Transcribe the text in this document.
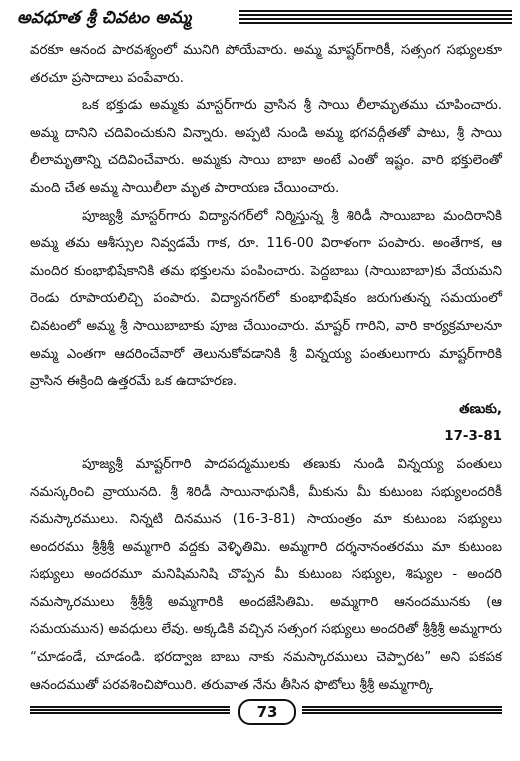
అవధూత శ్రీ చివటం అమ్మ

వరకూ ఆనంద పారవశ్యంలో మునిగి పోయేవారు. అమ్మ మాష్టర్‌గారికీ, సత్సంగ సభ్యులకూ తరచూ ప్రసాదాలు పంపేవారు.

ఒక భక్తుడు అమ్మకు మాస్టర్‌గారు వ్రాసిన శ్రీ సాయి లీలామృతము చూపించారు. అమ్మ దానిని చదివించుకుని విన్నారు. అప్పటి నుండి అమ్మ భగవద్గీతతో పాటు, శ్రీ సాయి లీలామృతాన్ని చదివించేవారు. అమ్మకు సాయి బాబా అంటే ఎంతో ఇష్టం. వారి భక్తులెంతో మంది చేత అమ్మ సాయిలీలా మృత పారాయణ చేయించారు.

పూజ్యశ్రీ మాస్టర్‌గారు విద్యానగర్‌లో నిర్మిస్తున్న శ్రీ శిరిడీ సాయిబాబ మందిరానికి అమ్మ తమ ఆశీస్సుల నివ్వడమే గాక, రూ. 116-00 విరాళంగా పంపారు. అంతేగాక, ఆ మందిర కుంభాభిషేకానికి తమ భక్తులను పంపించారు. పెద్దబాబు (సాయిబాబా)కు వేయమని రెండు రూపాయలిచ్చి పంపారు. విద్యానగర్‌లో కుంభాభిషేకం జరుగుతున్న సమయంలో చివటంలో అమ్మ శ్రీ సాయిబాబాకు పూజ చేయించారు. మాష్టర్ గారిని, వారి కార్యక్రమాలనూ అమ్మ ఎంతగా ఆదరించేవారో తెలునుకోవడానికి శ్రీ విన్నయ్య పంతులుగారు మాష్టర్‌గారికి వ్రాసిన ఈక్రింది ఉత్తరమే ఒక ఉదాహరణ.

తణుకు,

17-3-81

పూజ్యశ్రీ మాష్టర్‌గారి పాదపద్మములకు తణుకు నుండి విన్నయ్య పంతులు నమస్కరించి వ్రాయునది. శ్రీ శిరిడీ సాయినాథునికీ, మీకును మీ కుటుంబ సభ్యులందరికీ నమస్కారములు. నిన్నటి దినమున (16-3-81) సాయంత్రం మా కుటుంబ సభ్యులు అందరము శ్రీశ్రీశ్రీ అమ్మగారి వద్దకు వెళ్ళితిమి. అమ్మగారి దర్శనానంతరము మా కుటుంబ సభ్యులు అందరమూ మనిషిమనిషి చొప్పన మీ కుటుంబ సభ్యుల, శిష్యుల - అందరి నమస్కారములు శ్రీశ్రీశ్రీ అమ్మగారికి అందజేసితిమి. అమ్మగారి ఆనందమునకు (ఆ సమయమున) అవధులు లేవు. అక్కడికి వచ్చిన సత్సంగ సభ్యులు అందరితో శ్రీశ్రీశ్రీ అమ్మగారు “చూడండే, చూడండి. భరద్వాజ బాబు నాకు నమస్కారములు చెప్పారట” అని పకపక ఆనందముతో పరవశించిపోయిరి. తరువాత నేను తీసిన ఫొటోలు శ్రీశ్రీ అమ్మగార్కి

73
